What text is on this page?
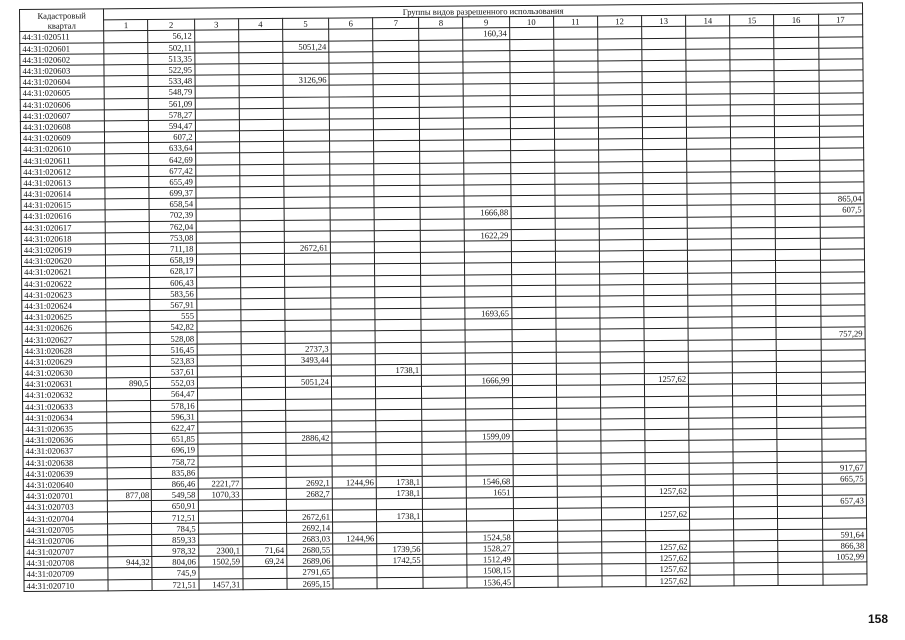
Кадастровый
квартал	Группы видов разрешенного использования																
	1	2	3	4	5	6	7	8	9	10	11	12	13	14	15	16	17
44:31:020511		56,12							160,34								
44:31:020601		502,11			5051,24												
44:31:020602		513,35															
44:31:020603		522,95															
44:31:020604		533,48			3126,96												
44:31:020605		548,79															
44:31:020606		561,09															
44:31:020607		578,27															
44:31:020608		594,47															
44:31:020609		607,2															
44:31:020610		633,64															
44:31:020611		642,69															
44:31:020612		677,42															
44:31:020613		655,49															
44:31:020614		699,37															
44:31:020615		658,54															865,04
44:31:020616		702,39							1666,88								607,5
44:31:020617		762,04															
44:31:020618		753,08							1622,29								
44:31:020619		711,18			2672,61												
44:31:020620		658,19															
44:31:020621		628,17															
44:31:020622		606,43															
44:31:020623		583,56															
44:31:020624		567,91															
44:31:020625		555							1693,65								
44:31:020626		542,82															
44:31:020627		528,08															757,29
44:31:020628		516,45			2737,3												
44:31:020629		523,83			3493,44												
44:31:020630		537,61					1738,1										
44:31:020631	890,5	552,03			5051,24				1666,99				1257,62				
44:31:020632		564,47															
44:31:020633		578,16															
44:31:020634		596,31															
44:31:020635		622,47															
44:31:020636		651,85			2886,42				1599,09								
44:31:020637		696,19															
44:31:020638		758,72															
44:31:020639		835,86															917,67
44:31:020640		866,46	2221,77		2692,1	1244,96	1738,1		1546,68								665,75
44:31:020701	877,08	549,58	1070,33		2682,7		1738,1		1651				1257,62				
44:31:020703		650,91															657,43
44:31:020704		712,51			2672,61		1738,1						1257,62				
44:31:020705		784,5			2692,14												
44:31:020706		859,33			2683,03	1244,96			1524,58								591,64
44:31:020707		978,32	2300,1	71,64	2680,55		1739,56		1528,27				1257,62				866,38
44:31:020708	944,32	804,06	1502,59	69,24	2689,06		1742,55		1512,49				1257,62				1052,99
44:31:020709		745,9			2791,65				1508,15				1257,62				
44:31:020710		721,51	1457,31		2695,15				1536,45				1257,62				
158
